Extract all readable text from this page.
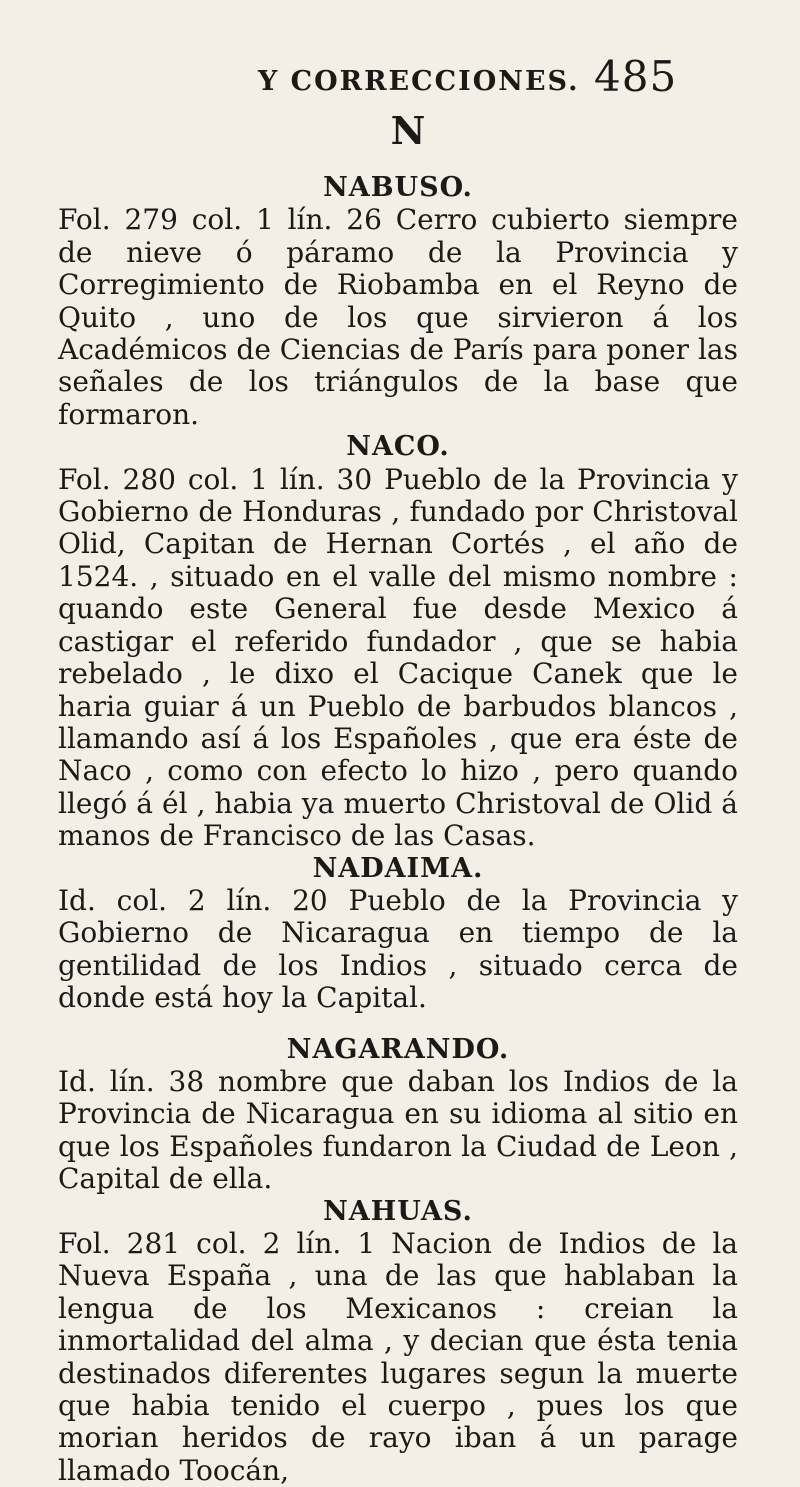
Y CORRECCIONES. 485
N

NABUSO.

Fol. 279 col. 1 lín. 26 Cerro cubierto siempre de nieve ó páramo de la Provincia y Corregimiento de Riobamba en el Reyno de Quito , uno de los que sirvieron á los Académicos de Ciencias de París para poner las señales de los triángulos de la base que formaron.

NACO.

Fol. 280 col. 1 lín. 30 Pueblo de la Provincia y Gobierno de Honduras , fundado por Christoval Olid, Capitan de Hernan Cortés , el año de 1524. , situado en el valle del mismo nombre : quando este General fue desde Mexico á castigar el referido fundador , que se habia rebelado , le dixo el Cacique Canek que le haria guiar á un Pueblo de barbudos blancos , llamando así á los Españoles , que era éste de Naco , como con efecto lo hizo , pero quando llegó á él , habia ya muerto Christoval de Olid á manos de Francisco de las Casas.

NADAIMA.

Id. col. 2 lín. 20 Pueblo de la Provincia y Gobierno de Nicaragua en tiempo de la gentilidad de los Indios , situado cerca de donde está hoy la Capital.

NAGARANDO.

Id. lín. 38 nombre que daban los Indios de la Provincia de Nicaragua en su idioma al sitio en que los Españoles fundaron la Ciudad de Leon , Capital de ella.

NAHUAS.

Fol. 281 col. 2 lín. 1 Nacion de Indios de la Nueva España , una de las que hablaban la lengua de los Mexicanos : creian la inmortalidad del alma , y decian que ésta tenia destinados diferentes lugares segun la muerte que habia tenido el cuerpo , pues los que morian heridos de rayo iban á un parage llamado Toocán,
